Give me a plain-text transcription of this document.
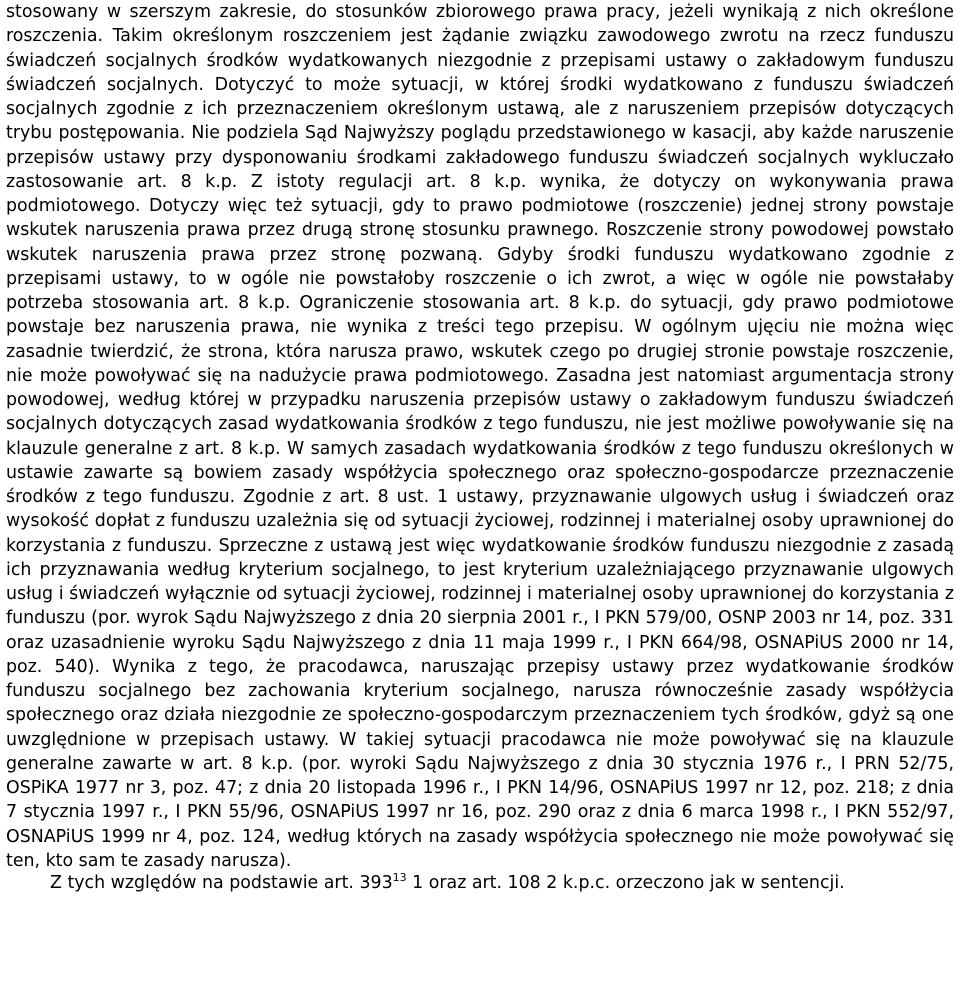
stosowany w szerszym zakresie, do stosunków zbiorowego prawa pracy, jeżeli wynikają z nich określone roszczenia. Takim określonym roszczeniem jest żądanie związku zawodowego zwrotu na rzecz funduszu świadczeń socjalnych środków wydatkowanych niezgodnie z przepisami ustawy o zakładowym funduszu świadczeń socjalnych. Dotyczyć to może sytuacji, w której środki wydatkowano z funduszu świadczeń socjalnych zgodnie z ich przeznaczeniem określonym ustawą, ale z naruszeniem przepisów dotyczących trybu postępowania. Nie podziela Sąd Najwyższy poglądu przedstawionego w kasacji, aby każde naruszenie przepisów ustawy przy dysponowaniu środkami zakładowego funduszu świadczeń socjalnych wykluczało zastosowanie art. 8 k.p. Z istoty regulacji art. 8 k.p. wynika, że dotyczy on wykonywania prawa podmiotowego. Dotyczy więc też sytuacji, gdy to prawo podmiotowe (roszczenie) jednej strony powstaje wskutek naruszenia prawa przez drugą stronę stosunku prawnego. Roszczenie strony powodowej powstało wskutek naruszenia prawa przez stronę pozwaną. Gdyby środki funduszu wydatkowano zgodnie z przepisami ustawy, to w ogóle nie powstałoby roszczenie o ich zwrot, a więc w ogóle nie powstałaby potrzeba stosowania art. 8 k.p. Ograniczenie stosowania art. 8 k.p. do sytuacji, gdy prawo podmiotowe powstaje bez naruszenia prawa, nie wynika z treści tego przepisu. W ogólnym ujęciu nie można więc zasadnie twierdzić, że strona, która narusza prawo, wskutek czego po drugiej stronie powstaje roszczenie, nie może powoływać się na nadużycie prawa podmiotowego. Zasadna jest natomiast argumentacja strony powodowej, według której w przypadku naruszenia przepisów ustawy o zakładowym funduszu świadczeń socjalnych dotyczących zasad wydatkowania środków z tego funduszu, nie jest możliwe powoływanie się na klauzule generalne z art. 8 k.p. W samych zasadach wydatkowania środków z tego funduszu określonych w ustawie zawarte są bowiem zasady współżycia społecznego oraz społeczno-gospodarcze przeznaczenie środków z tego funduszu. Zgodnie z art. 8 ust. 1 ustawy, przyznawanie ulgowych usług i świadczeń oraz wysokość dopłat z funduszu uzależnia się od sytuacji życiowej, rodzinnej i materialnej osoby uprawnionej do korzystania z funduszu. Sprzeczne z ustawą jest więc wydatkowanie środków funduszu niezgodnie z zasadą ich przyznawania według kryterium socjalnego, to jest kryterium uzależniającego przyznawanie ulgowych usług i świadczeń wyłącznie od sytuacji życiowej, rodzinnej i materialnej osoby uprawnionej do korzystania z funduszu (por. wyrok Sądu Najwyższego z dnia 20 sierpnia 2001 r., I PKN 579/00, OSNP 2003 nr 14, poz. 331 oraz uzasadnienie wyroku Sądu Najwyższego z dnia 11 maja 1999 r., I PKN 664/98, OSNAPiUS 2000 nr 14, poz. 540). Wynika z tego, że pracodawca, naruszając przepisy ustawy przez wydatkowanie środków funduszu socjalnego bez zachowania kryterium socjalnego, narusza równocześnie zasady współżycia społecznego oraz działa niezgodnie ze społeczno-gospodarczym przeznaczeniem tych środków, gdyż są one uwzględnione w przepisach ustawy. W takiej sytuacji pracodawca nie może powoływać się na klauzule generalne zawarte w art. 8 k.p. (por. wyroki Sądu Najwyższego z dnia 30 stycznia 1976 r., I PRN 52/75, OSPiKA 1977 nr 3, poz. 47; z dnia 20 listopada 1996 r., I PKN 14/96, OSNAPiUS 1997 nr 12, poz. 218; z dnia 7 stycznia 1997 r., I PKN 55/96, OSNAPiUS 1997 nr 16, poz. 290 oraz z dnia 6 marca 1998 r., I PKN 552/97, OSNAPiUS 1999 nr 4, poz. 124, według których na zasady współżycia społecznego nie może powoływać się ten, kto sam te zasady narusza).

Z tych względów na podstawie art. $393^{13}$ 1 oraz art. 108 2 k.p.c. orzeczono jak w sentencji.
